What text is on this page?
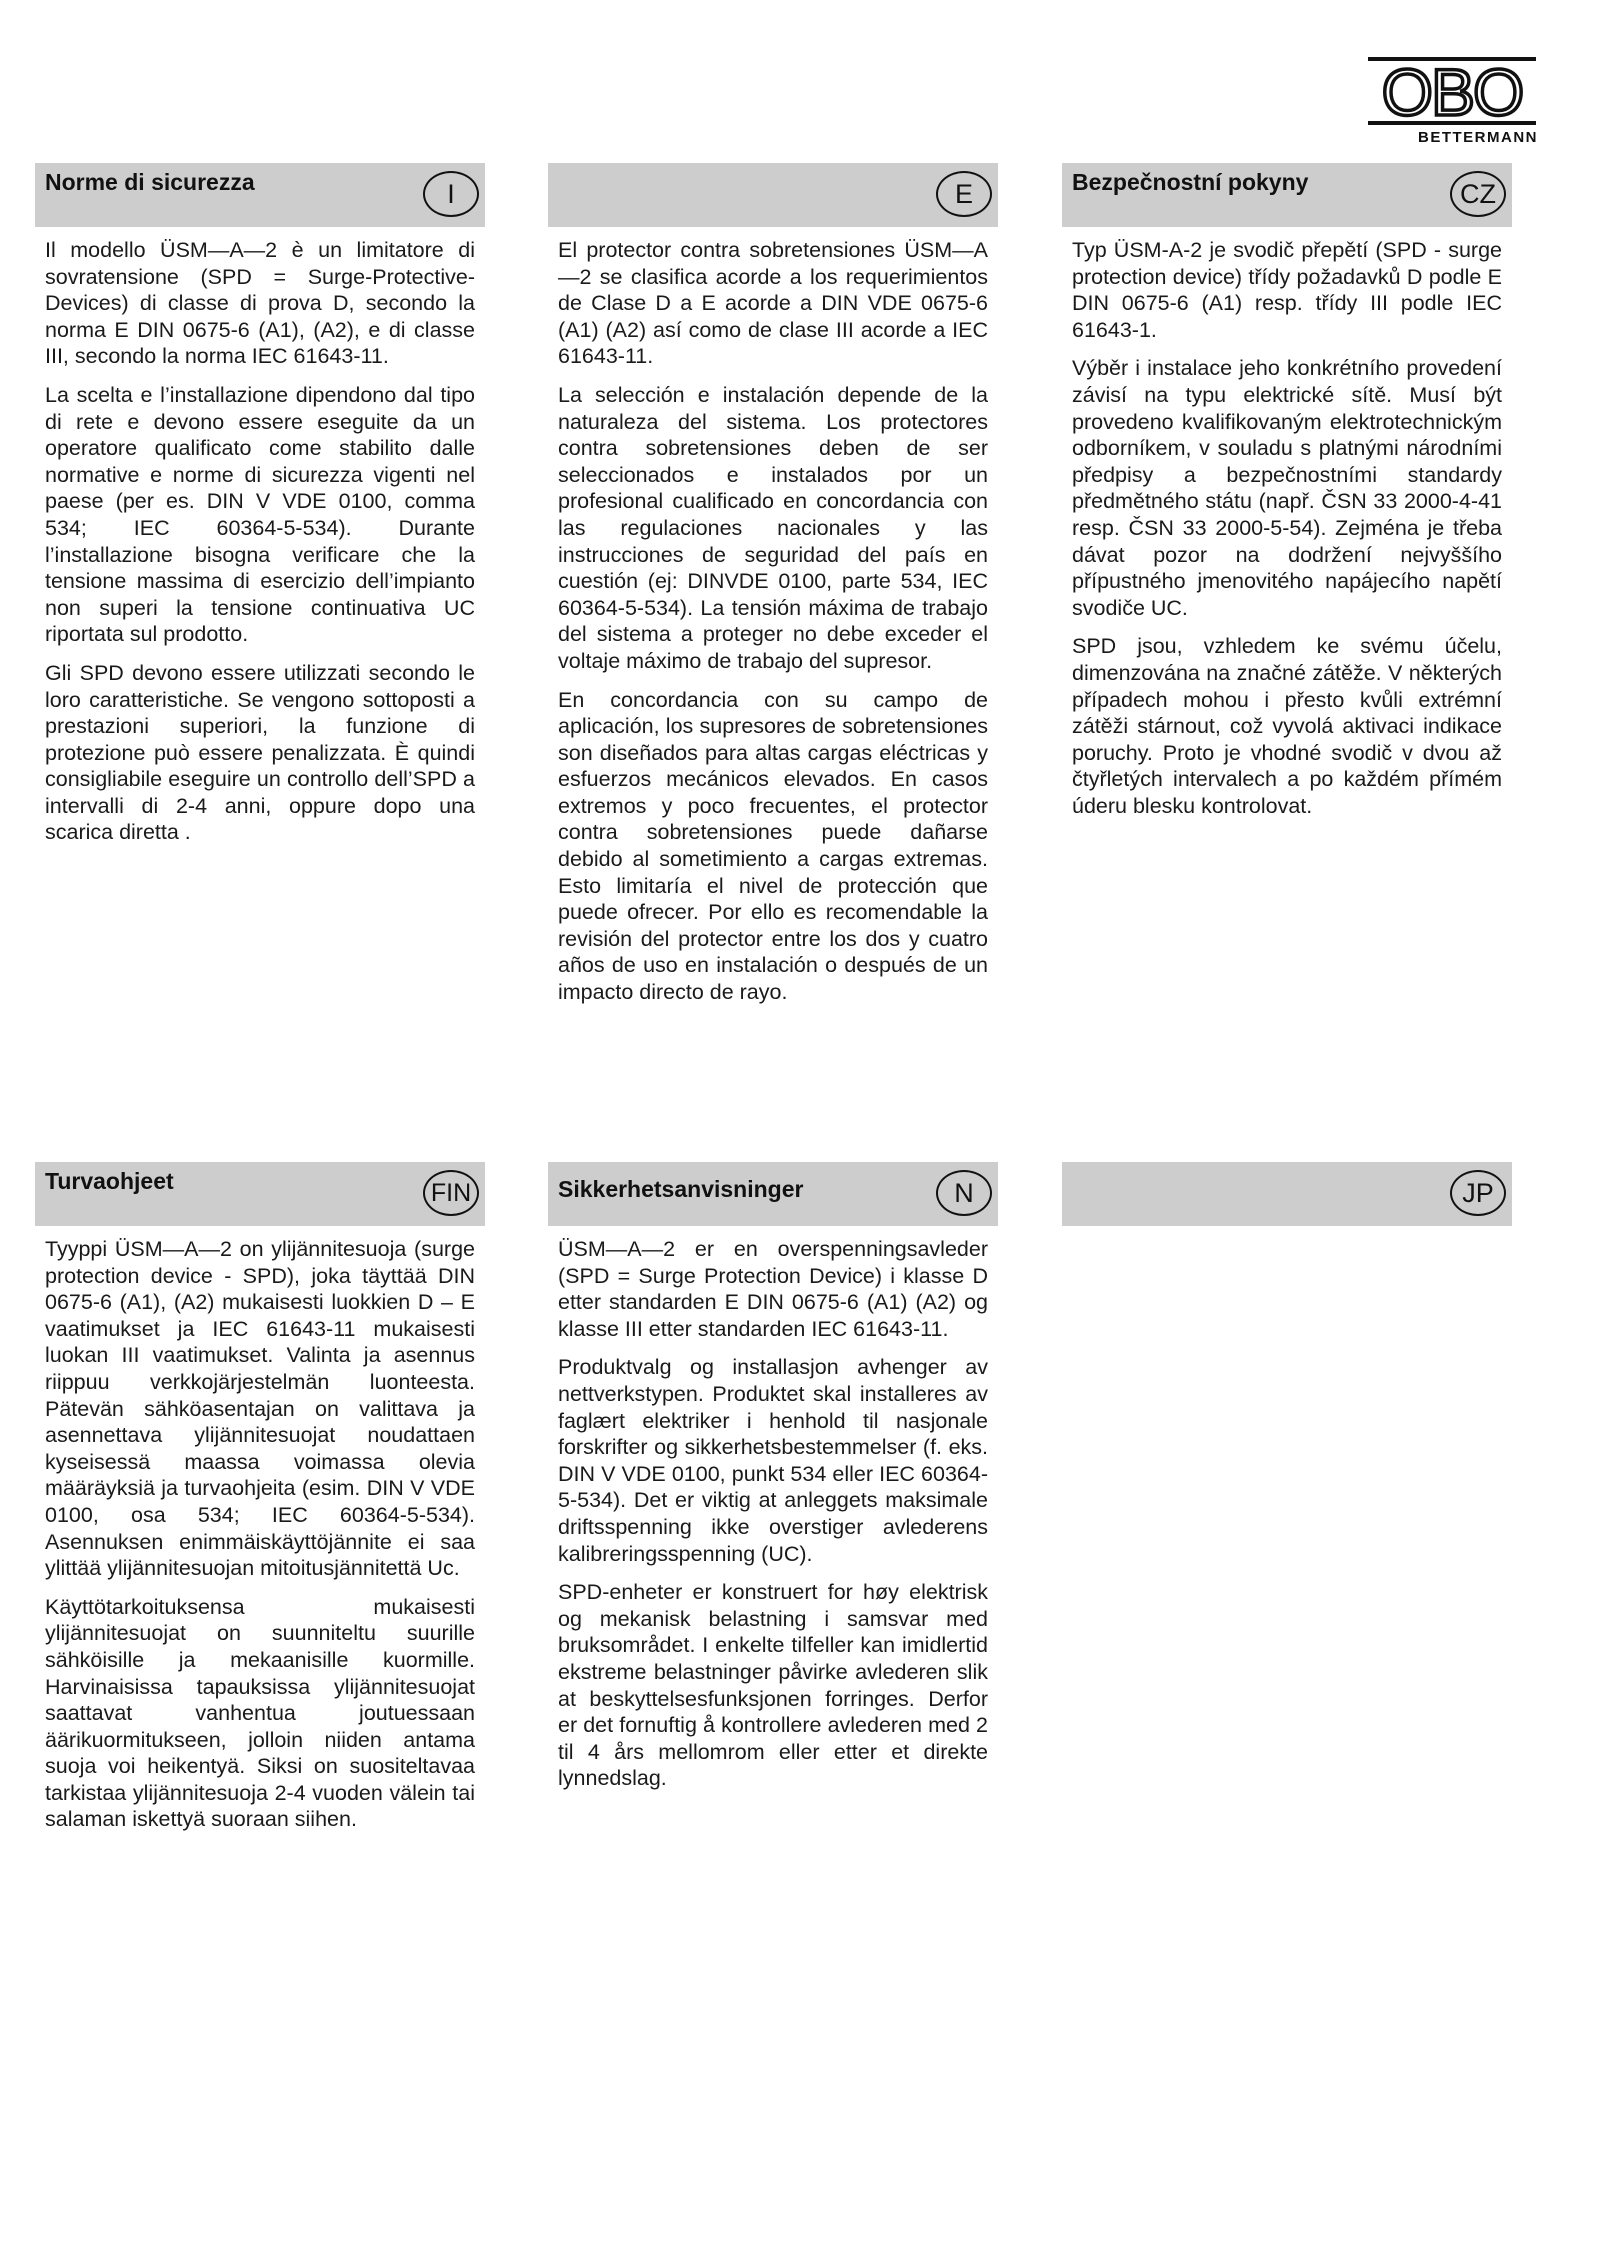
OBO
BETTERMANN
Norme di sicurezza	I

Il modello ÜSM—A—2 è un limitatore di sovratensione (SPD = Surge-Protective-Devices) di classe di prova D, secondo la norma E DIN 0675-6 (A1), (A2), e di classe III, secondo la norma IEC 61643-11.

La scelta e l’installazione dipendono dal tipo di rete e devono essere eseguite da un operatore qualificato come stabilito dalle normative e norme di sicurezza vigenti nel paese (per es. DIN V VDE 0100, comma 534; IEC 60364-5-534). Durante l’installazione bisogna verificare che la tensione massima di esercizio dell’impianto non superi la tensione continuativa UC riportata sul prodotto.

Gli SPD devono essere utilizzati secondo le loro caratteristiche. Se vengono sottoposti a prestazioni superiori, la funzione di protezione può essere penalizzata. È quindi consigliabile eseguire un controllo dell’SPD a intervalli di 2-4 anni, oppure dopo una scarica diretta .

E

El protector contra sobretensiones ÜSM—A—2 se clasifica acorde a los requerimientos de Clase D a E acorde a DIN VDE 0675-6 (A1) (A2) así como de clase III acorde a IEC 61643-11.

La selección e instalación depende de la naturaleza del sistema. Los protectores contra sobretensiones deben de ser seleccionados e instalados por un profesional cualificado en concordancia con las regulaciones nacionales y las instrucciones de seguridad del país en cuestión (ej: DINVDE 0100, parte 534, IEC 60364-5-534). La tensión máxima de trabajo del sistema a proteger no debe exceder el voltaje máximo de trabajo del supresor.

En concordancia con su campo de aplicación, los supresores de sobretensiones son diseñados para altas cargas eléctricas y esfuerzos mecánicos elevados. En casos extremos y poco frecuentes, el protector contra sobretensiones puede dañarse debido al sometimiento a cargas extremas. Esto limitaría el nivel de protección que puede ofrecer. Por ello es recomendable la revisión del protector entre los dos y cuatro años de uso en instalación o después de un impacto directo de rayo.

Bezpečnostní pokyny	CZ

Typ ÜSM-A-2 je svodič přepětí (SPD - surge protection device) třídy požadavků D podle E DIN 0675-6 (A1) resp. třídy III podle IEC 61643-1.

Výběr i instalace jeho konkrétního provedení závisí na typu elektrické sítě. Musí být provedeno kvalifikovaným elektrotechnickým odborníkem, v souladu s platnými národními předpisy a bezpečnostními standardy předmětného státu (např. ČSN 33 2000-4-41 resp. ČSN 33 2000-5-54). Zejména je třeba dávat pozor na dodržení nejvyššího přípustného jmenovitého napájecího napětí svodiče UC.

SPD jsou, vzhledem ke svému účelu, dimenzována na značné zátěže. V některých případech mohou i přesto kvůli extrémní zátěži stárnout, což vyvolá aktivaci indikace poruchy. Proto je vhodné svodič v dvou až čtyřletých intervalech a po každém přímém úderu blesku kontrolovat.

Turvaohjeet	FIN

Tyyppi ÜSM—A—2 on ylijännitesuoja (surge protection device - SPD), joka täyttää DIN 0675-6 (A1), (A2) mukaisesti luokkien D – E vaatimukset ja IEC 61643-11 mukaisesti luokan III vaatimukset. Valinta ja asennus riippuu verkkojärjestelmän luonteesta. Pätevän sähköasentajan on valittava ja asennettava ylijännitesuojat noudattaen kyseisessä maassa voimassa olevia määräyksiä ja turvaohjeita (esim. DIN V VDE 0100, osa 534; IEC 60364-5-534). Asennuksen enimmäiskäyttöjännite ei saa ylittää ylijännitesuojan mitoitusjännitettä Uc.

Käyttötarkoituksensa mukaisesti ylijännitesuojat on suunniteltu suurille sähköisille ja mekaanisille kuormille. Harvinaisissa tapauksissa ylijännitesuojat saattavat vanhentua joutuessaan äärikuormitukseen, jolloin niiden antama suoja voi heikentyä. Siksi on suositeltavaa tarkistaa ylijännitesuoja 2-4 vuoden välein tai salaman iskettyä suoraan siihen.

Sikkerhetsanvisninger	N

ÜSM—A—2 er en overspenningsavleder (SPD = Surge Protection Device) i klasse D etter standarden E DIN 0675-6 (A1) (A2) og klasse III etter standarden IEC 61643-11.

Produktvalg og installasjon avhenger av nettverkstypen. Produktet skal installeres av faglært elektriker i henhold til nasjonale forskrifter og sikkerhetsbestemmelser (f. eks. DIN V VDE 0100, punkt 534 eller IEC 60364-5-534). Det er viktig at anleggets maksimale driftsspenning ikke overstiger avlederens kalibreringsspenning (UC).

SPD-enheter er konstruert for høy elektrisk og mekanisk belastning i samsvar med bruksområdet. I enkelte tilfeller kan imidlertid ekstreme belastninger påvirke avlederen slik at beskyttelsesfunksjonen forringes. Derfor er det fornuftig å kontrollere avlederen med 2 til 4 års mellomrom eller etter et direkte lynnedslag.

JP
